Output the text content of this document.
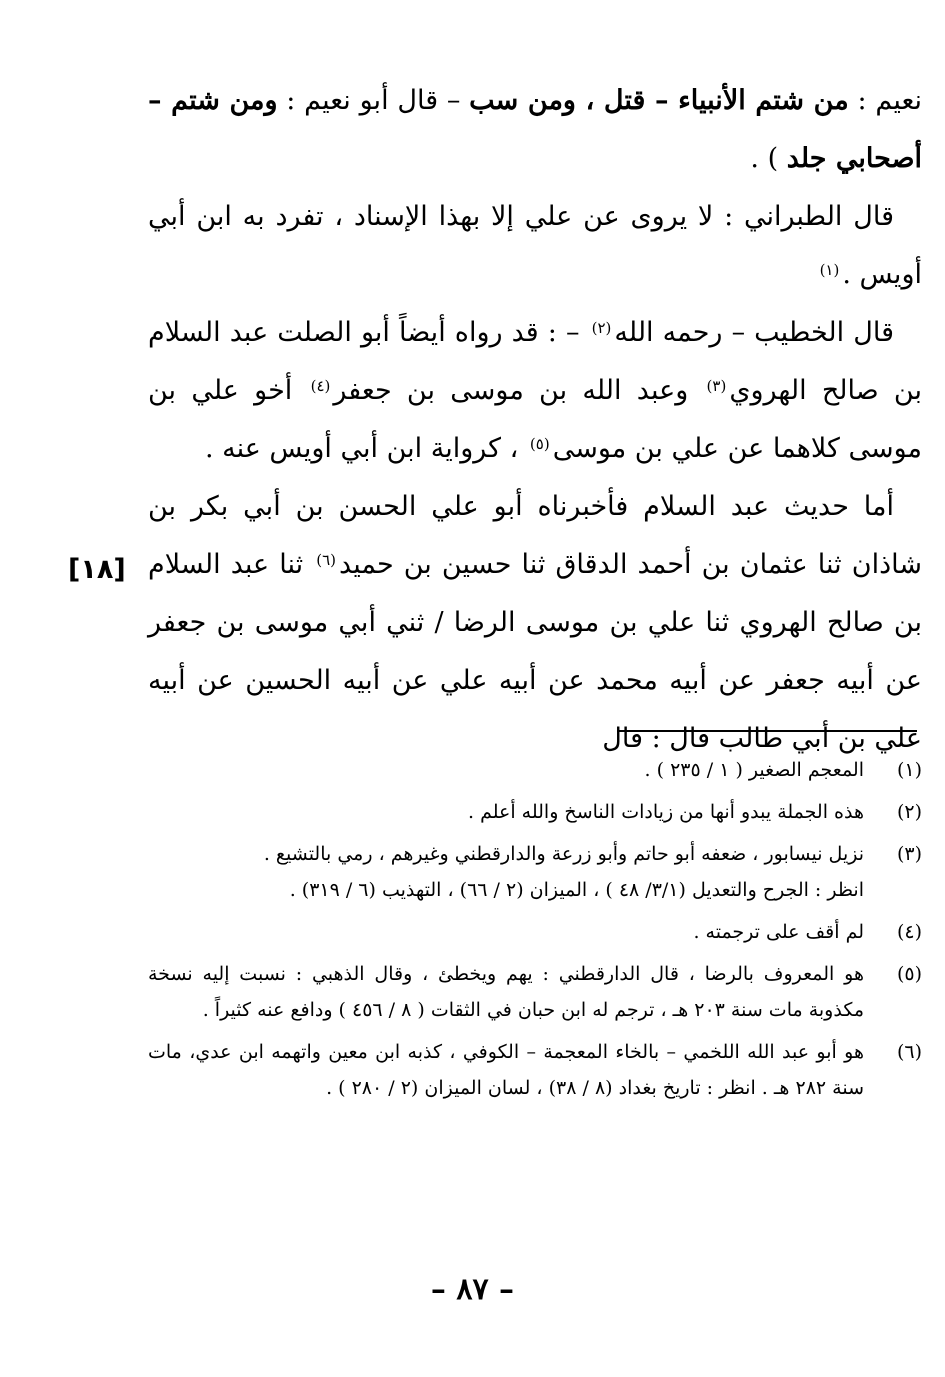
نعيم : من شتم الأنبياء – قتل ، ومن سب – قال أبو نعيم : ومن شتم – أصحابي جلد ) .

قال الطبراني : لا يروى عن علي إلا بهذا الإسناد ، تفرد به ابن أبي أويس .$^{(١)}$

قال الخطيب – رحمه الله$^{(٢)}$ – : قد رواه أيضاً أبو الصلت عبد السلام بن صالح الهروي$^{(٣)}$ وعبد الله بن موسى بن جعفر$^{(٤)}$ أخو علي بن موسى كلاهما عن علي بن موسى$^{(٥)}$ ، كرواية ابن أبي أويس عنه .

أما حديث عبد السلام فأخبرناه أبو علي الحسن بن أبي بكر بن شاذان ثنا عثمان بن أحمد الدقاق ثنا حسين بن حميد$^{(٦)}$ ثنا عبد السلام بن صالح الهروي ثنا علي بن موسى الرضا / ثني أبي موسى بن جعفر عن أبيه جعفر عن أبيه محمد عن أبيه علي عن أبيه الحسين عن أبيه علي بن أبي طالب قال : قال

[١٨]
(١)
المعجم الصغير ( ١ / ٢٣٥ ) .
(٢)
هذه الجملة يبدو أنها من زيادات الناسخ والله أعلم .
(٣)
نزيل نيسابور ، ضعفه أبو حاتم وأبو زرعة والدارقطني وغيرهم ، رمي بالتشيع .
انظر : الجرح والتعديل (٣/١/ ٤٨ ) ، الميزان (٢ / ٦٦) ، التهذيب (٦ / ٣١٩) .
(٤)
لم أقف على ترجمته .
(٥)
هو المعروف بالرضا ، قال الدارقطني : يهم ويخطئ ، وقال الذهبي : نسبت إليه نسخة مكذوبة مات سنة ٢٠٣ هـ ، ترجم له ابن حبان في الثقات ( ٨ / ٤٥٦ ) ودافع عنه كثيراً .
(٦)
هو أبو عبد الله اللخمي – بالخاء المعجمة – الكوفي ، كذبه ابن معين واتهمه ابن عدي، مات سنة ٢٨٢ هـ . انظر : تاريخ بغداد (٨ / ٣٨) ، لسان الميزان (٢ / ٢٨٠ ) .
– ٨٧ –
